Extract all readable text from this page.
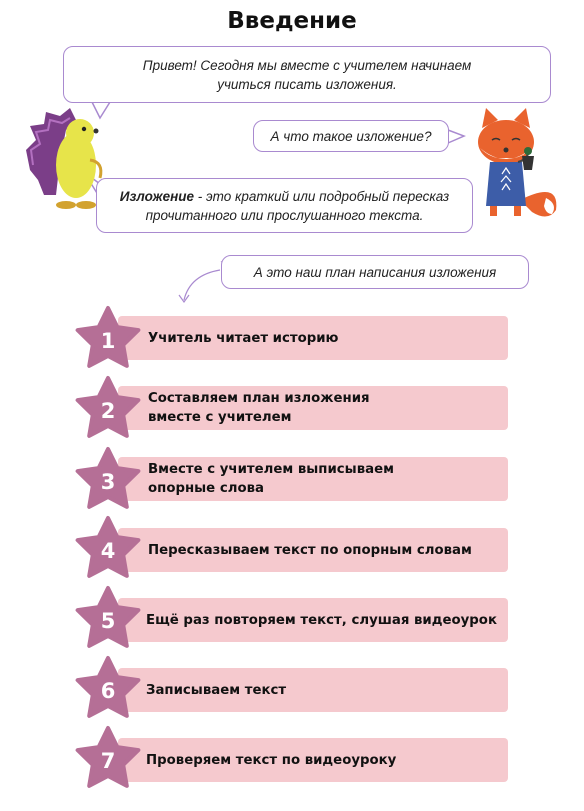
Введение
Привет! Сегодня мы вместе с учителем начинаем учиться писать изложения.
А что такое изложение?
Изложение - это краткий или подробный пересказ прочитанного или прослушанного текста.
А это наш план написания изложения
Учитель читает историю
Составляем план изложения вместе с учителем
Вместе с учителем выписываем опорные слова
Пересказываем текст по опорным словам
Ещё раз повторяем текст, слушая видеоурок
Записываем текст
Проверяем текст по видеоуроку
1
2
3
4
5
6
7
